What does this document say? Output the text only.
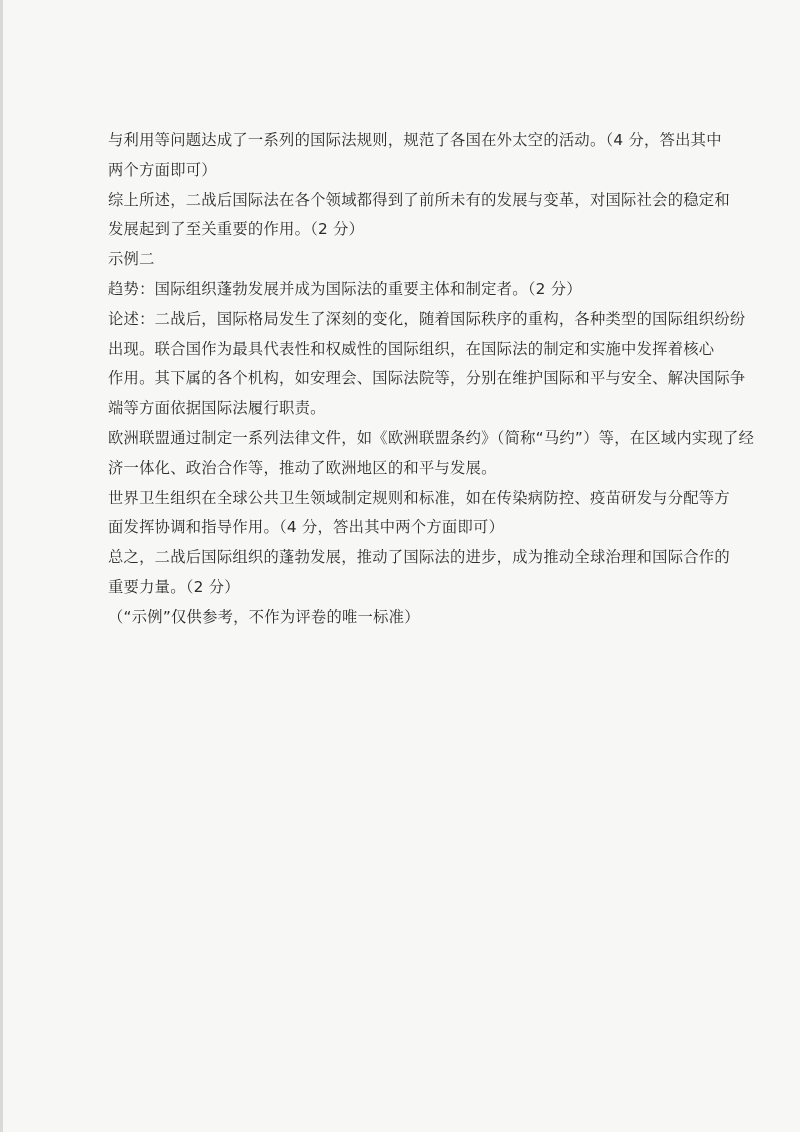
与利用等问题达成了一系列的国际法规则，规范了各国在外太空的活动。（4 分，答出其中

两个方面即可）

综上所述，二战后国际法在各个领域都得到了前所未有的发展与变革，对国际社会的稳定和

发展起到了至关重要的作用。（2 分）

示例二

趋势：国际组织蓬勃发展并成为国际法的重要主体和制定者。（2 分）

论述：二战后，国际格局发生了深刻的变化，随着国际秩序的重构，各种类型的国际组织纷纷

出现。联合国作为最具代表性和权威性的国际组织，在国际法的制定和实施中发挥着核心

作用。其下属的各个机构，如安理会、国际法院等，分别在维护国际和平与安全、解决国际争

端等方面依据国际法履行职责。

欧洲联盟通过制定一系列法律文件，如《欧洲联盟条约》（简称“马约”）等，在区域内实现了经

济一体化、政治合作等，推动了欧洲地区的和平与发展。

世界卫生组织在全球公共卫生领域制定规则和标准，如在传染病防控、疫苗研发与分配等方

面发挥协调和指导作用。（4 分，答出其中两个方面即可）

总之，二战后国际组织的蓬勃发展，推动了国际法的进步，成为推动全球治理和国际合作的

重要力量。（2 分）

（“示例”仅供参考，不作为评卷的唯一标准）
